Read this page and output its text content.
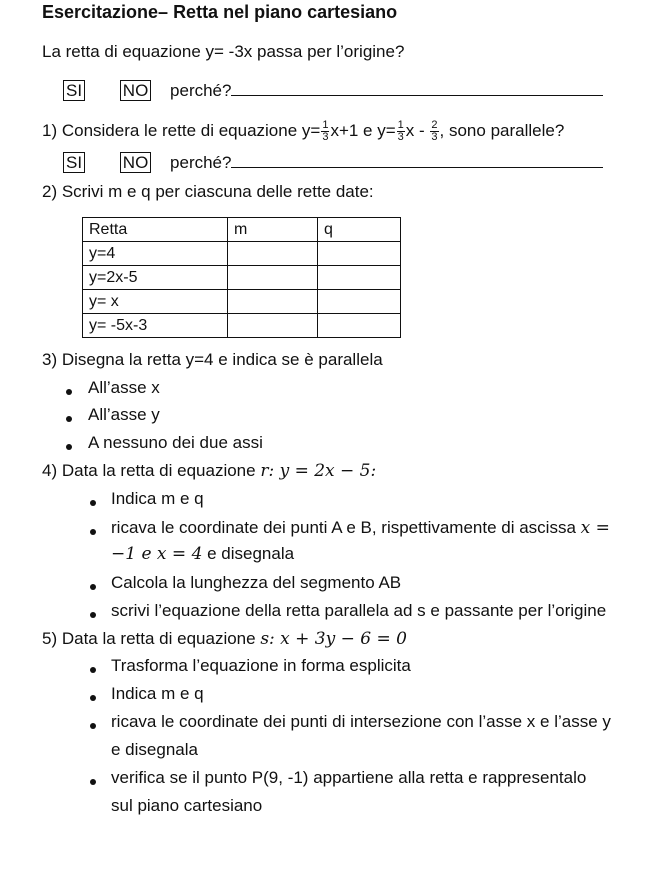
Esercitazione– Retta nel piano cartesiano
La retta di equazione y= -3x passa per l’origine?
SI NO perché?
1) Considera le rette di equazione $y= \frac{1}{3} x+1$ e $y= \frac{1}{3}$ x - $\frac{2}{3}$ , sono parallele?
SI NO perché?
2) Scrivi m e q per ciascuna delle rette date:
Retta	m	q
y=4		
y=2x-5		
y= x		
y= -5x-3		
3) Disegna la retta y=4 e indica se è parallela
All’asse x
All’asse y
A nessuno dei due assi
4) Data la retta di equazione r: y = 2x − 5:
Indica m e q
ricava le coordinate dei punti A e B, rispettivamente di ascissa x =
−1 e x = 4 e disegnala
Calcola la lunghezza del segmento AB
scrivi l’equazione della retta parallela ad s e passante per l’origine
5) Data la retta di equazione s: x + 3y − 6 = 0
Trasforma l’equazione in forma esplicita
Indica m e q
ricava le coordinate dei punti di intersezione con l’asse x e l’asse y
e disegnala
verifica se il punto P(9, -1) appartiene alla retta e rappresentalo
sul piano cartesiano
